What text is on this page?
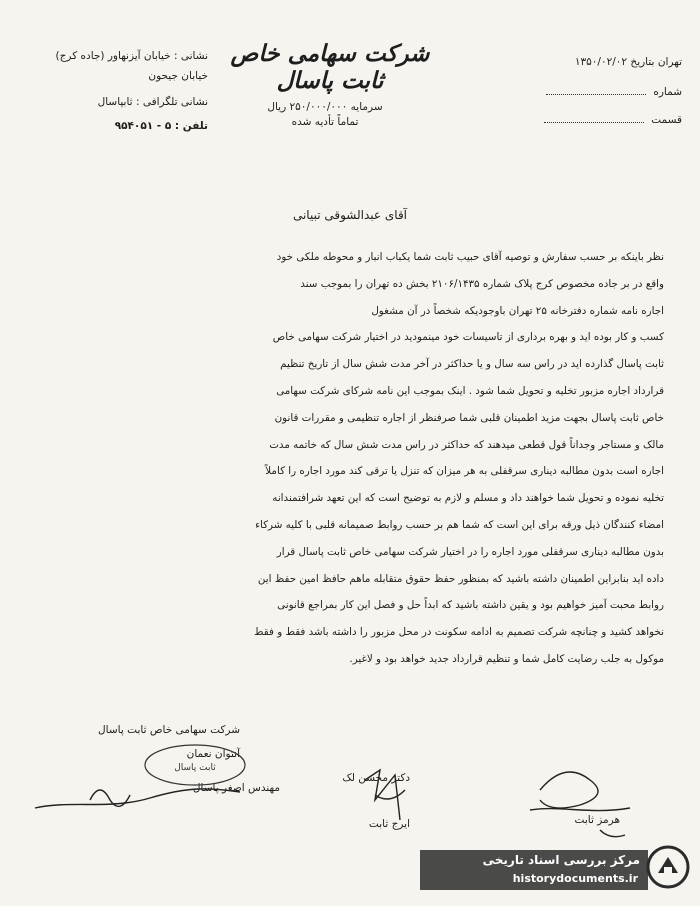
شرکت سهامی خاص ثابت پاسال
سرمایه ۲۵۰/۰۰۰/۰۰۰ ریال
تماماً تأدیه شده
نشانی : خیابان آیزنهاور (جاده کرج)
خیابان جیحون
نشانی تلگرافی : ثابپاسال
تلفن : ۵ - ۹۵۴۰۵۱
تهران بتاریخ ۱۳۵۰/۰۲/۰۲
شماره
قسمت
آقای عبدالشوقی تبیانی
نظر باینکه بر حسب سفارش و توصیه آقای حبیب ثابت شما یکباب انبار و محوطه ملکی خود
واقع در بر جاده مخصوص کرج پلاک شماره ۲۱۰۶/۱۴۳۵ بخش ده تهران را بموجب سند
اجاره نامه شماره دفترخانه ۲۵ تهران باوجودیکه شخصاً در آن مشغول
کسب و کار بوده اید و بهره برداری از تاسیسات خود مینمودید در اختیار شرکت سهامی خاص
ثابت پاسال گذارده اید در راس سه سال و یا حداکثر در آخر مدت شش سال از تاریخ تنظیم
قرارداد اجاره مزبور تخلیه و تحویل شما شود . اینک بموجب این نامه شرکای شرکت سهامی
خاص ثابت پاسال بجهت مزید اطمینان قلبی شما صرفنظر از اجاره تنظیمی و مقررات قانون
مالک و مستاجر وجداناً قول قطعی میدهند که حداکثر در راس مدت شش سال که خاتمه مدت
اجاره است بدون مطالبه دیناری سرقفلی به هر میزان که تنزل یا ترقی کند مورد اجاره را کاملاً
تخلیه نموده و تحویل شما خواهند داد و مسلم و لازم به توضیح است که این تعهد شرافتمندانه
امضاء کنندگان ذیل ورقه برای این است که شما هم بر حسب روابط صمیمانه قلبی با کلیه شرکاء
بدون مطالبه دیناری سرقفلی مورد اجاره را در اختیار شرکت سهامی خاص ثابت پاسال قرار
داده اید بنابراین اطمینان داشته باشید که بمنظور حفظ حقوق متقابله ماهم حافظ امین حفظ این
روابط محبت آمیز خواهیم بود و یقین داشته باشید که ابداً حل و فصل این کار بمراجع قانونی
نخواهد کشید و چنانچه شرکت تصمیم به ادامه سکونت در محل مزبور را داشته باشد فقط و فقط
موکول به جلب رضایت کامل شما و تنظیم قرارداد جدید خواهد بود و لاغیر.
شرکت سهامی خاص ثابت پاسال
آنتوان نعمان
مهندس اصغر پاسال
دکتر محسن لک
ایرج ثابت	هرمز ثابت
ثابت پاسال
مرکز بررسی اسناد تاریخی
historydocuments.ir
